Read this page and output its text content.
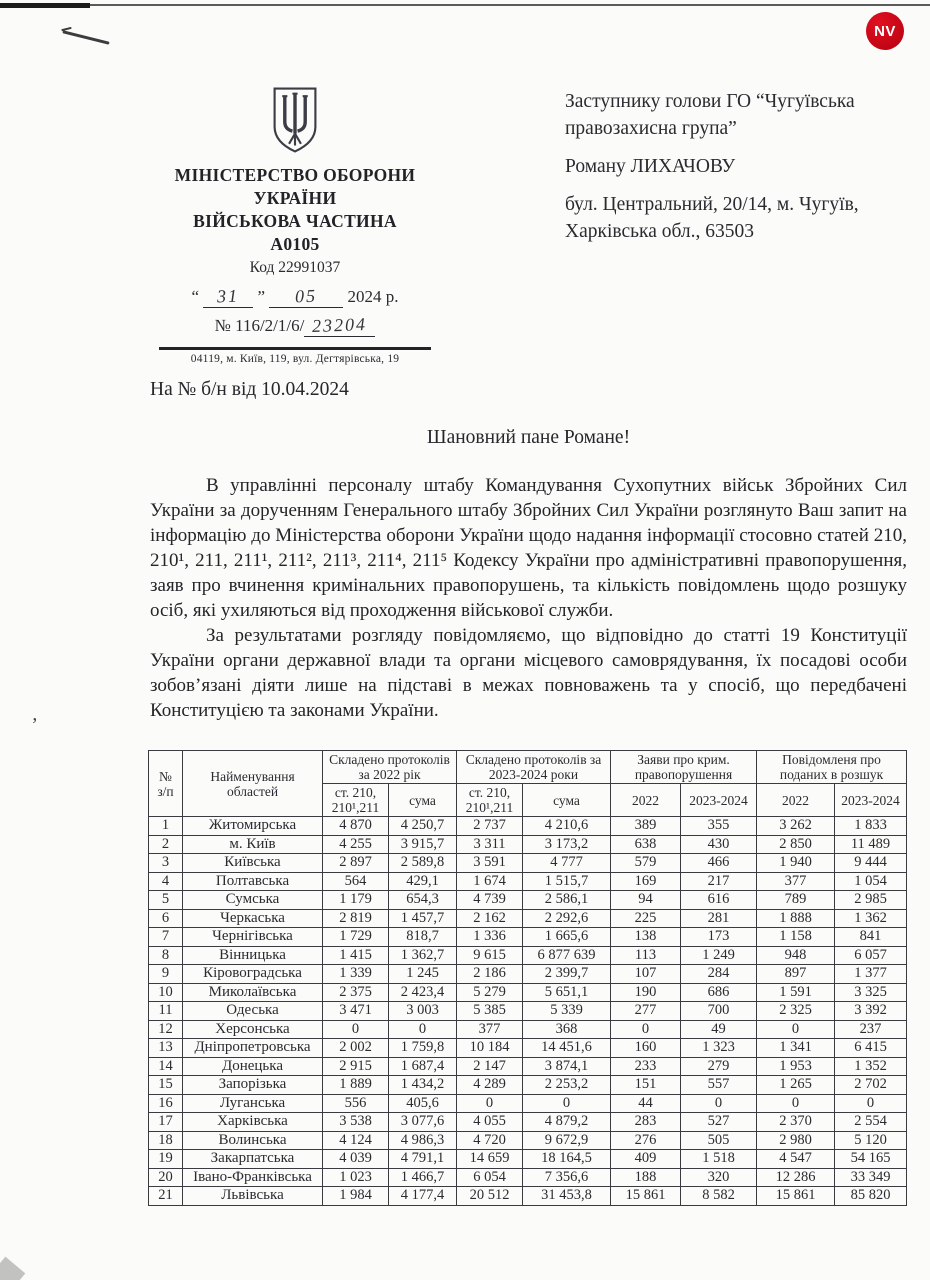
’
NV
МІНІСТЕРСТВО ОБОРОНИ
УКРАЇНИ
ВІЙСЬКОВА ЧАСТИНА
А0105
Код 22991037
“ 31 ” 05 2024 р.
№ 116/2/1/6/ 23204
04119, м. Київ, 119, вул. Дегтярівська, 19

Заступнику голови ГО “Чугуївська правозахисна група”

Роману ЛИХАЧОВУ

бул. Центральний, 20/14, м. Чугуїв, Харківська обл., 63503

На № б/н від 10.04.2024
Шановний пане Романе!

В управлінні персоналу штабу Командування Сухопутних військ Збройних Сил України за дорученням Генерального штабу Збройних Сил України розглянуто Ваш запит на інформацію до Міністерства оборони України щодо надання інформації стосовно статей 210, 210¹, 211, 211¹, 211², 211³, 211⁴, 211⁵ Кодексу України про адміністративні правопорушення, заяв про вчинення кримінальних правопорушень, та кількість повідомлень щодо розшуку осіб, які ухиляються від проходження військової служби.

За результатами розгляду повідомляємо, що відповідно до статті 19 Конституції України органи державної влади та органи місцевого самоврядування, їх посадові особи зобов’язані діяти лише на підставі в межах повноважень та у спосіб, що передбачені Конституцією та законами України.

№
з/п

Найменування
областей
	Складено протоколів за 2022 рік	Складено протоколів за 2023-2024 роки	Заяви про крим. правопорушення	Повідомленя про поданих в розшук
		ст. 210, 210¹,211	сума	ст. 210, 210¹,211	сума	2022	2023-2024	2022	2023-2024
1	Житомирська	4 870	4 250,7	2 737	4 210,6	389	355	3 262	1 833
2	м. Київ	4 255	3 915,7	3 311	3 173,2	638	430	2 850	11 489
3	Київська	2 897	2 589,8	3 591	4 777	579	466	1 940	9 444
4	Полтавська	564	429,1	1 674	1 515,7	169	217	377	1 054
5	Сумська	1 179	654,3	4 739	2 586,1	94	616	789	2 985
6	Черкаська	2 819	1 457,7	2 162	2 292,6	225	281	1 888	1 362
7	Чернігівська	1 729	818,7	1 336	1 665,6	138	173	1 158	841
8	Вінницька	1 415	1 362,7	9 615	6 877 639	113	1 249	948	6 057
9	Кіровоградська	1 339	1 245	2 186	2 399,7	107	284	897	1 377
10	Миколаївська	2 375	2 423,4	5 279	5 651,1	190	686	1 591	3 325
11	Одеська	3 471	3 003	5 385	5 339	277	700	2 325	3 392
12	Херсонська	0	0	377	368	0	49	0	237
13	Дніпропетровська	2 002	1 759,8	10 184	14 451,6	160	1 323	1 341	6 415
14	Донецька	2 915	1 687,4	2 147	3 874,1	233	279	1 953	1 352
15	Запорізька	1 889	1 434,2	4 289	2 253,2	151	557	1 265	2 702
16	Луганська	556	405,6	0	0	44	0	0	0
17	Харківська	3 538	3 077,6	4 055	4 879,2	283	527	2 370	2 554
18	Волинська	4 124	4 986,3	4 720	9 672,9	276	505	2 980	5 120
19	Закарпатська	4 039	4 791,1	14 659	18 164,5	409	1 518	4 547	54 165
20	Івано-Франківська	1 023	1 466,7	6 054	7 356,6	188	320	12 286	33 349
21	Львівська	1 984	4 177,4	20 512	31 453,8	15 861	8 582	15 861	85 820
